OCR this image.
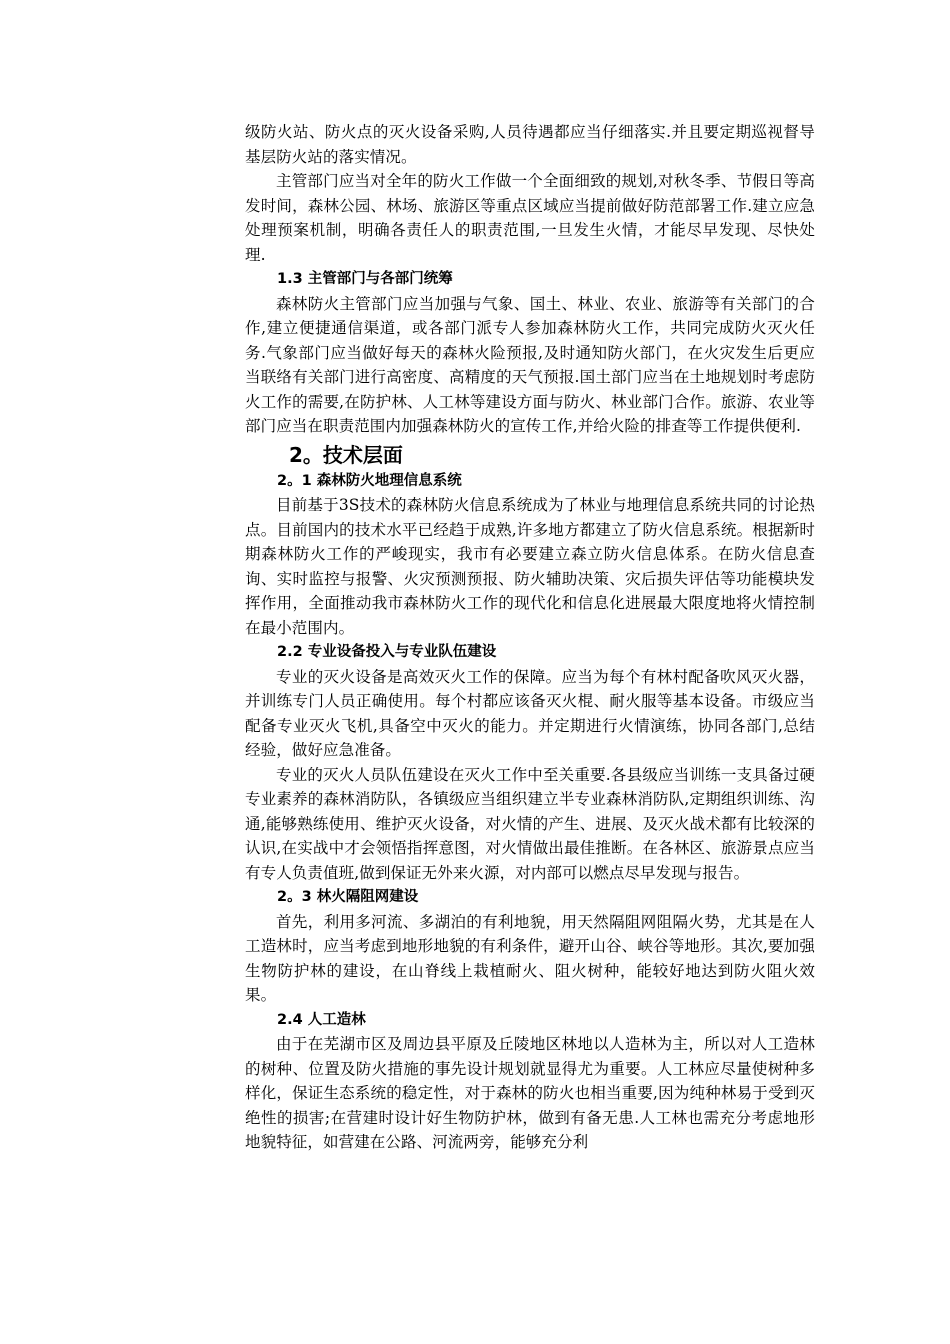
级防火站、防火点的灭火设备采购,人员待遇都应当仔细落实.并且要定期巡视督导基层防火站的落实情况。

主管部门应当对全年的防火工作做一个全面细致的规划,对秋冬季、节假日等高发时间，森林公园、林场、旅游区等重点区域应当提前做好防范部署工作.建立应急处理预案机制，明确各责任人的职责范围,一旦发生火情，才能尽早发现、尽快处理.

1.3 主管部门与各部门统筹

森林防火主管部门应当加强与气象、国土、林业、农业、旅游等有关部门的合作,建立便捷通信渠道，或各部门派专人参加森林防火工作，共同完成防火灭火任务.气象部门应当做好每天的森林火险预报,及时通知防火部门，在火灾发生后更应当联络有关部门进行高密度、高精度的天气预报.国土部门应当在土地规划时考虑防火工作的需要,在防护林、人工林等建设方面与防火、林业部门合作。旅游、农业等部门应当在职责范围内加强森林防火的宣传工作,并给火险的排查等工作提供便利.

2。技术层面
2。1 森林防火地理信息系统

目前基于3S技术的森林防火信息系统成为了林业与地理信息系统共同的讨论热点。目前国内的技术水平已经趋于成熟,许多地方都建立了防火信息系统。根据新时期森林防火工作的严峻现实，我市有必要建立森立防火信息体系。在防火信息查询、实时监控与报警、火灾预测预报、防火辅助决策、灾后损失评估等功能模块发挥作用，全面推动我市森林防火工作的现代化和信息化进展最大限度地将火情控制在最小范围内。

2.2 专业设备投入与专业队伍建设

专业的灭火设备是高效灭火工作的保障。应当为每个有林村配备吹风灭火器，并训练专门人员正确使用。每个村都应该备灭火棍、耐火服等基本设备。市级应当配备专业灭火飞机,具备空中灭火的能力。并定期进行火情演练，协同各部门,总结经验，做好应急准备。

专业的灭火人员队伍建设在灭火工作中至关重要.各县级应当训练一支具备过硬专业素养的森林消防队，各镇级应当组织建立半专业森林消防队,定期组织训练、沟通,能够熟练使用、维护灭火设备，对火情的产生、进展、及灭火战术都有比较深的认识,在实战中才会领悟指挥意图，对火情做出最佳推断。在各林区、旅游景点应当有专人负责值班,做到保证无外来火源，对内部可以燃点尽早发现与报告。

2。3 林火隔阻网建设

首先，利用多河流、多湖泊的有利地貌，用天然隔阻网阻隔火势，尤其是在人工造林时，应当考虑到地形地貌的有利条件，避开山谷、峡谷等地形。其次,要加强生物防护林的建设，在山脊线上栽植耐火、阻火树种，能较好地达到防火阻火效果。

2.4 人工造林

由于在芜湖市区及周边县平原及丘陵地区林地以人造林为主，所以对人工造林的树种、位置及防火措施的事先设计规划就显得尤为重要。人工林应尽量使树种多样化，保证生态系统的稳定性，对于森林的防火也相当重要,因为纯种林易于受到灭绝性的损害;在营建时设计好生物防护林，做到有备无患.人工林也需充分考虑地形地貌特征，如营建在公路、河流两旁，能够充分利
